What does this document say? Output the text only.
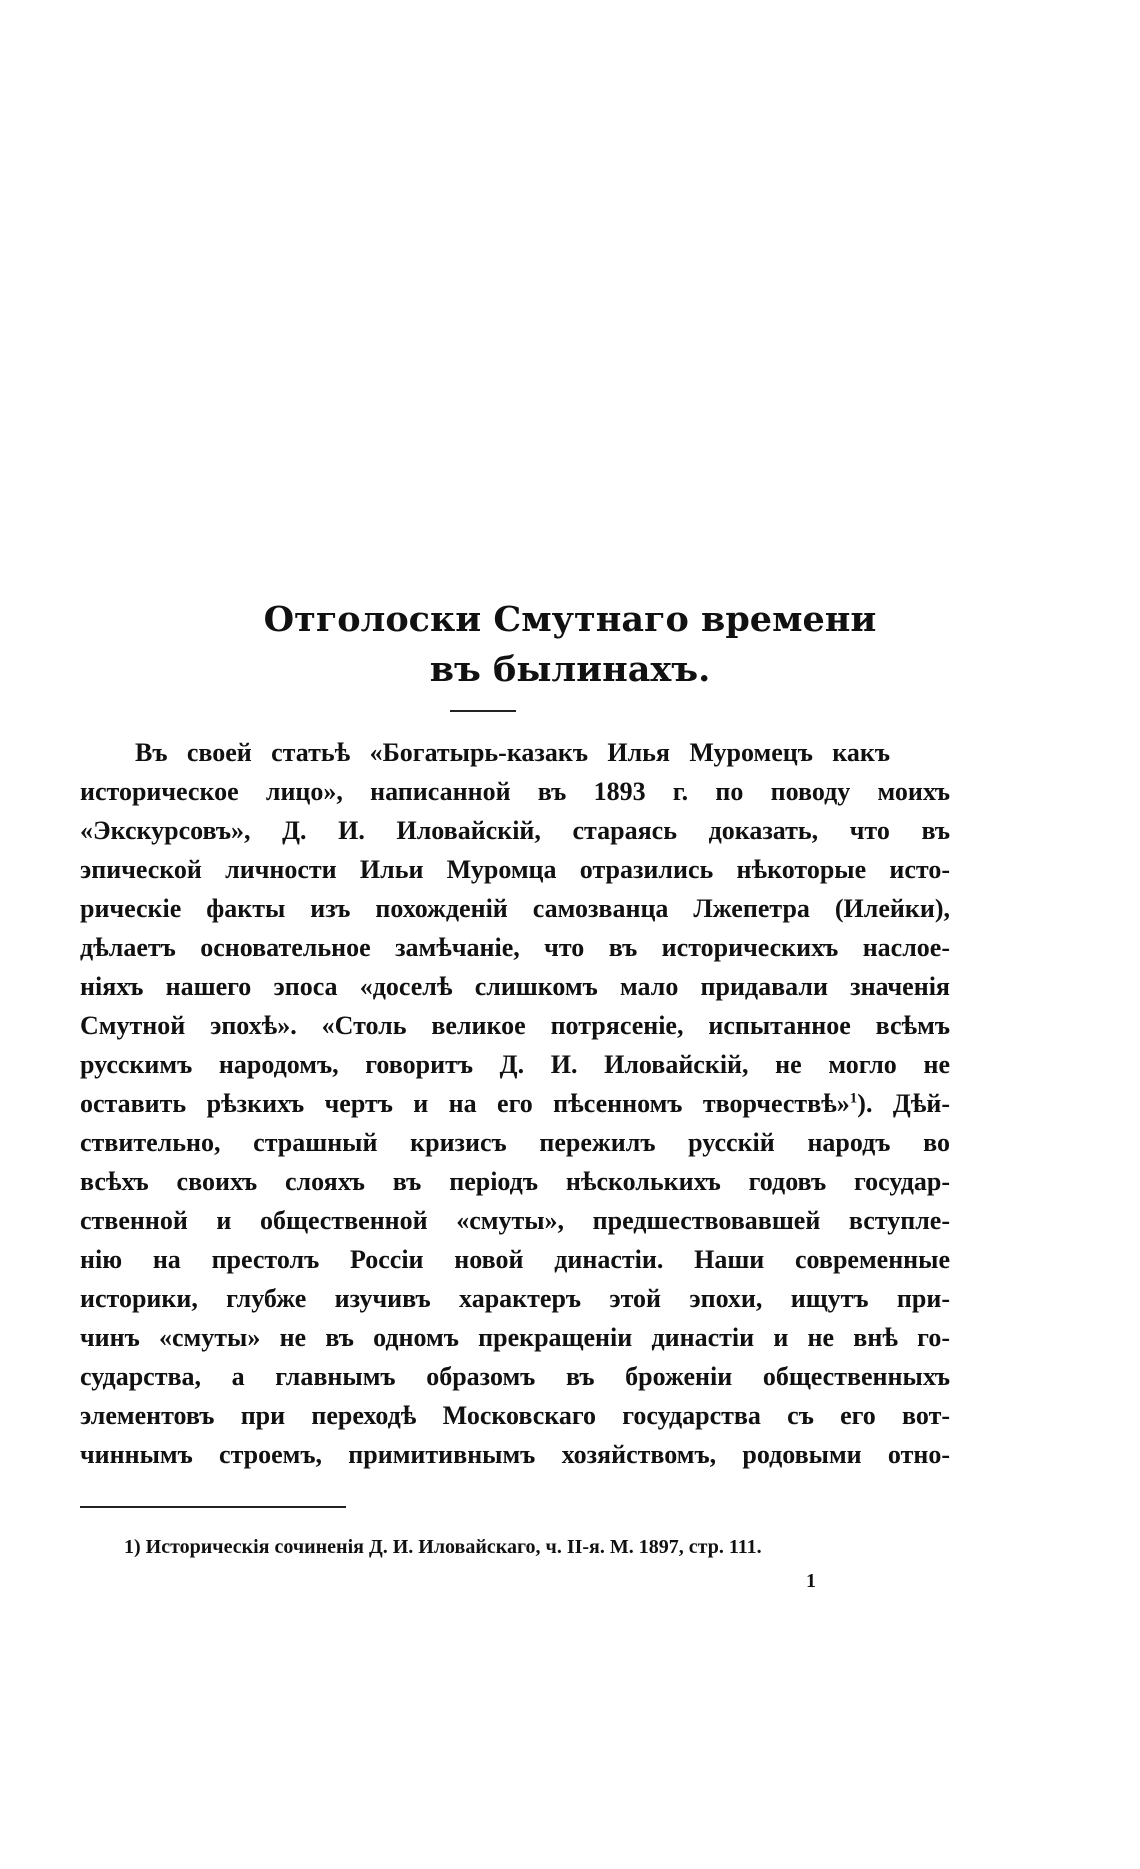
Отголоски Смутнаго времени
въ былинахъ.
Въ своей статьѣ «Богатырь-казакъ Илья Муромецъ какъ
историческое лицо», написанной въ 1893 г. по поводу моихъ
«Экскурсовъ», Д. И. Иловайскій, стараясь доказать, что въ
эпической личности Ильи Муромца отразились нѣкоторые исто-
рическіе факты изъ похожденій самозванца Лжепетра (Илейки),
дѣлаетъ основательное замѣчаніе, что въ историческихъ наслое-
ніяхъ нашего эпоса «доселѣ слишкомъ мало придавали значенія
Смутной эпохѣ». «Столь великое потрясеніе, испытанное всѣмъ
русскимъ народомъ, говоритъ Д. И. Иловайскій, не могло не
оставить рѣзкихъ чертъ и на его пѣсенномъ творчествѣ»$^1$). Дѣй-
ствительно, страшный кризисъ пережилъ русскій народъ во
всѣхъ своихъ слояхъ въ періодъ нѣсколькихъ годовъ государ-
ственной и общественной «смуты», предшествовавшей вступле-
нію на престолъ Россіи новой династіи. Наши современные
историки, глубже изучивъ характеръ этой эпохи, ищутъ при-
чинъ «смуты» не въ одномъ прекращеніи династіи и не внѣ го-
сударства, а главнымъ образомъ въ броженіи общественныхъ
элементовъ при переходѣ Московскаго государства съ его вот-
чиннымъ строемъ, примитивнымъ хозяйствомъ, родовыми отно-
1) Историческія сочиненія Д. И. Иловайскаго, ч. II-я. М. 1897, стр. 111.
1
